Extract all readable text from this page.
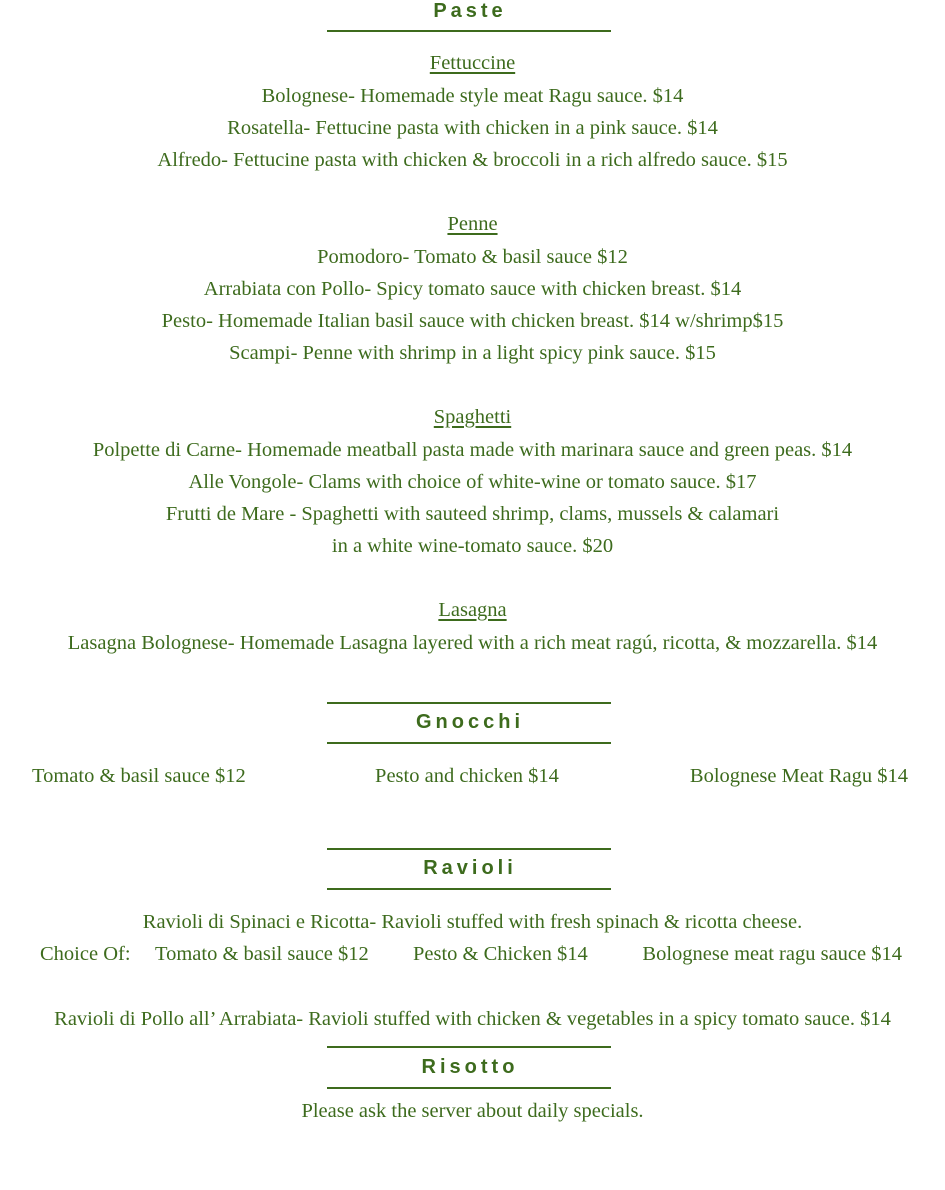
Paste
Fettuccine
Bolognese- Homemade style meat Ragu sauce. $14
Rosatella- Fettucine pasta with chicken in a pink sauce. $14
Alfredo- Fettucine pasta with chicken & broccoli in a rich alfredo sauce. $15
Penne
Pomodoro- Tomato & basil sauce $12
Arrabiata con Pollo- Spicy tomato sauce with chicken breast. $14
Pesto- Homemade Italian basil sauce with chicken breast. $14 w/shrimp$15
Scampi- Penne with shrimp in a light spicy pink sauce. $15
Spaghetti
Polpette di Carne- Homemade meatball pasta made with marinara sauce and green peas. $14
Alle Vongole- Clams with choice of white-wine or tomato sauce. $17
Frutti de Mare - Spaghetti with sauteed shrimp, clams, mussels & calamari
in a white wine-tomato sauce. $20
Lasagna
Lasagna Bolognese- Homemade Lasagna layered with a rich meat ragú, ricotta, & mozzarella. $14
Gnocchi
Tomato & basil sauce $12	Pesto and chicken $14	Bolognese Meat Ragu $14
Ravioli
Ravioli di Spinaci e Ricotta- Ravioli stuffed with fresh spinach & ricotta cheese.
Choice Of: Tomato & basil sauce $12 Pesto & Chicken $14	Bolognese meat ragu sauce $14
Ravioli di Pollo all’ Arrabiata- Ravioli stuffed with chicken & vegetables in a spicy tomato sauce. $14
Risotto
Please ask the server about daily specials.
